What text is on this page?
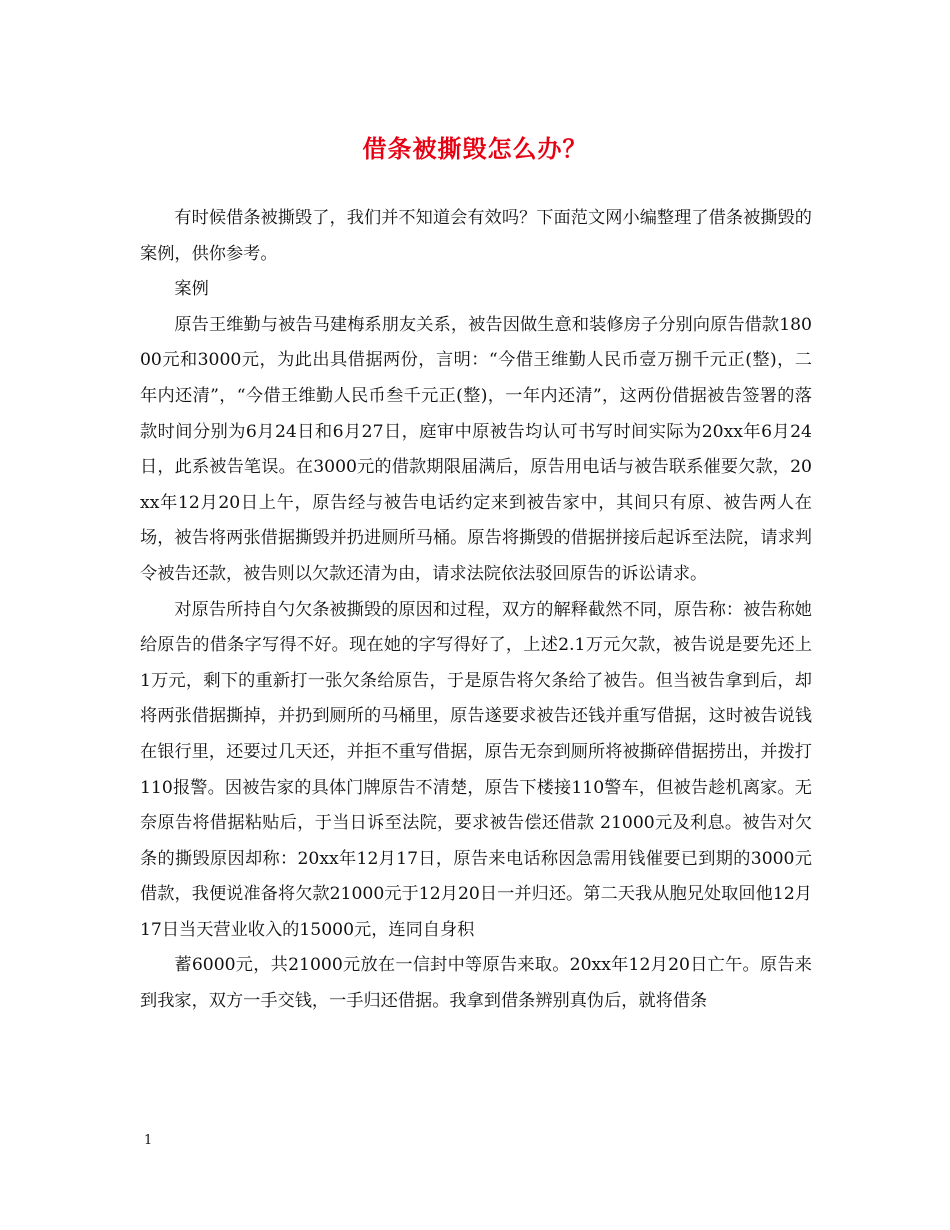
借条被撕毁怎么办？

有时候借条被撕毁了，我们并不知道会有效吗？下面范文网小编整理了借条被撕毁的案例，供你参考。

案例

原告王维勤与被告马建梅系朋友关系，被告因做生意和装修房子分别向原告借款18000元和3000元，为此出具借据两份，言明：“今借王维勤人民币壹万捌千元正(整)，二年内还清”，“今借王维勤人民币叁千元正(整)，一年内还清”，这两份借据被告签署的落款时间分别为6月24日和6月27日，庭审中原被告均认可书写时间实际为20xx年6月24日，此系被告笔误。在3000元的借款期限届满后，原告用电话与被告联系催要欠款，20xx年12月20日上午，原告经与被告电话约定来到被告家中，其间只有原、被告两人在场，被告将两张借据撕毁并扔进厕所马桶。原告将撕毁的借据拼接后起诉至法院，请求判令被告还款，被告则以欠款还清为由，请求法院依法驳回原告的诉讼请求。

对原告所持自勺欠条被撕毁的原因和过程，双方的解释截然不同，原告称：被告称她给原告的借条字写得不好。现在她的字写得好了，上述2.1万元欠款，被告说是要先还上1万元，剩下的重新打一张欠条给原告，于是原告将欠条给了被告。但当被告拿到后，却将两张借据撕掉，并扔到厕所的马桶里，原告遂要求被告还钱并重写借据，这时被告说钱在银行里，还要过几天还，并拒不重写借据，原告无奈到厕所将被撕碎借据捞出，并拨打110报警。因被告家的具体门牌原告不清楚，原告下楼接110警车，但被告趁机离家。无奈原告将借据粘贴后，于当日诉至法院，要求被告偿还借款 21000元及利息。被告对欠条的撕毁原因却称：20xx年12月17日，原告来电话称因急需用钱催要已到期的3000元借款，我便说准备将欠款21000元于12月20日一并归还。第二天我从胞兄处取回他12月17日当天营业收入的15000元，连同自身积

蓄6000元，共21000元放在一信封中等原告来取。20xx年12月20日亡午。原告来到我家，双方一手交钱，一手归还借据。我拿到借条辨别真伪后，就将借条

1
